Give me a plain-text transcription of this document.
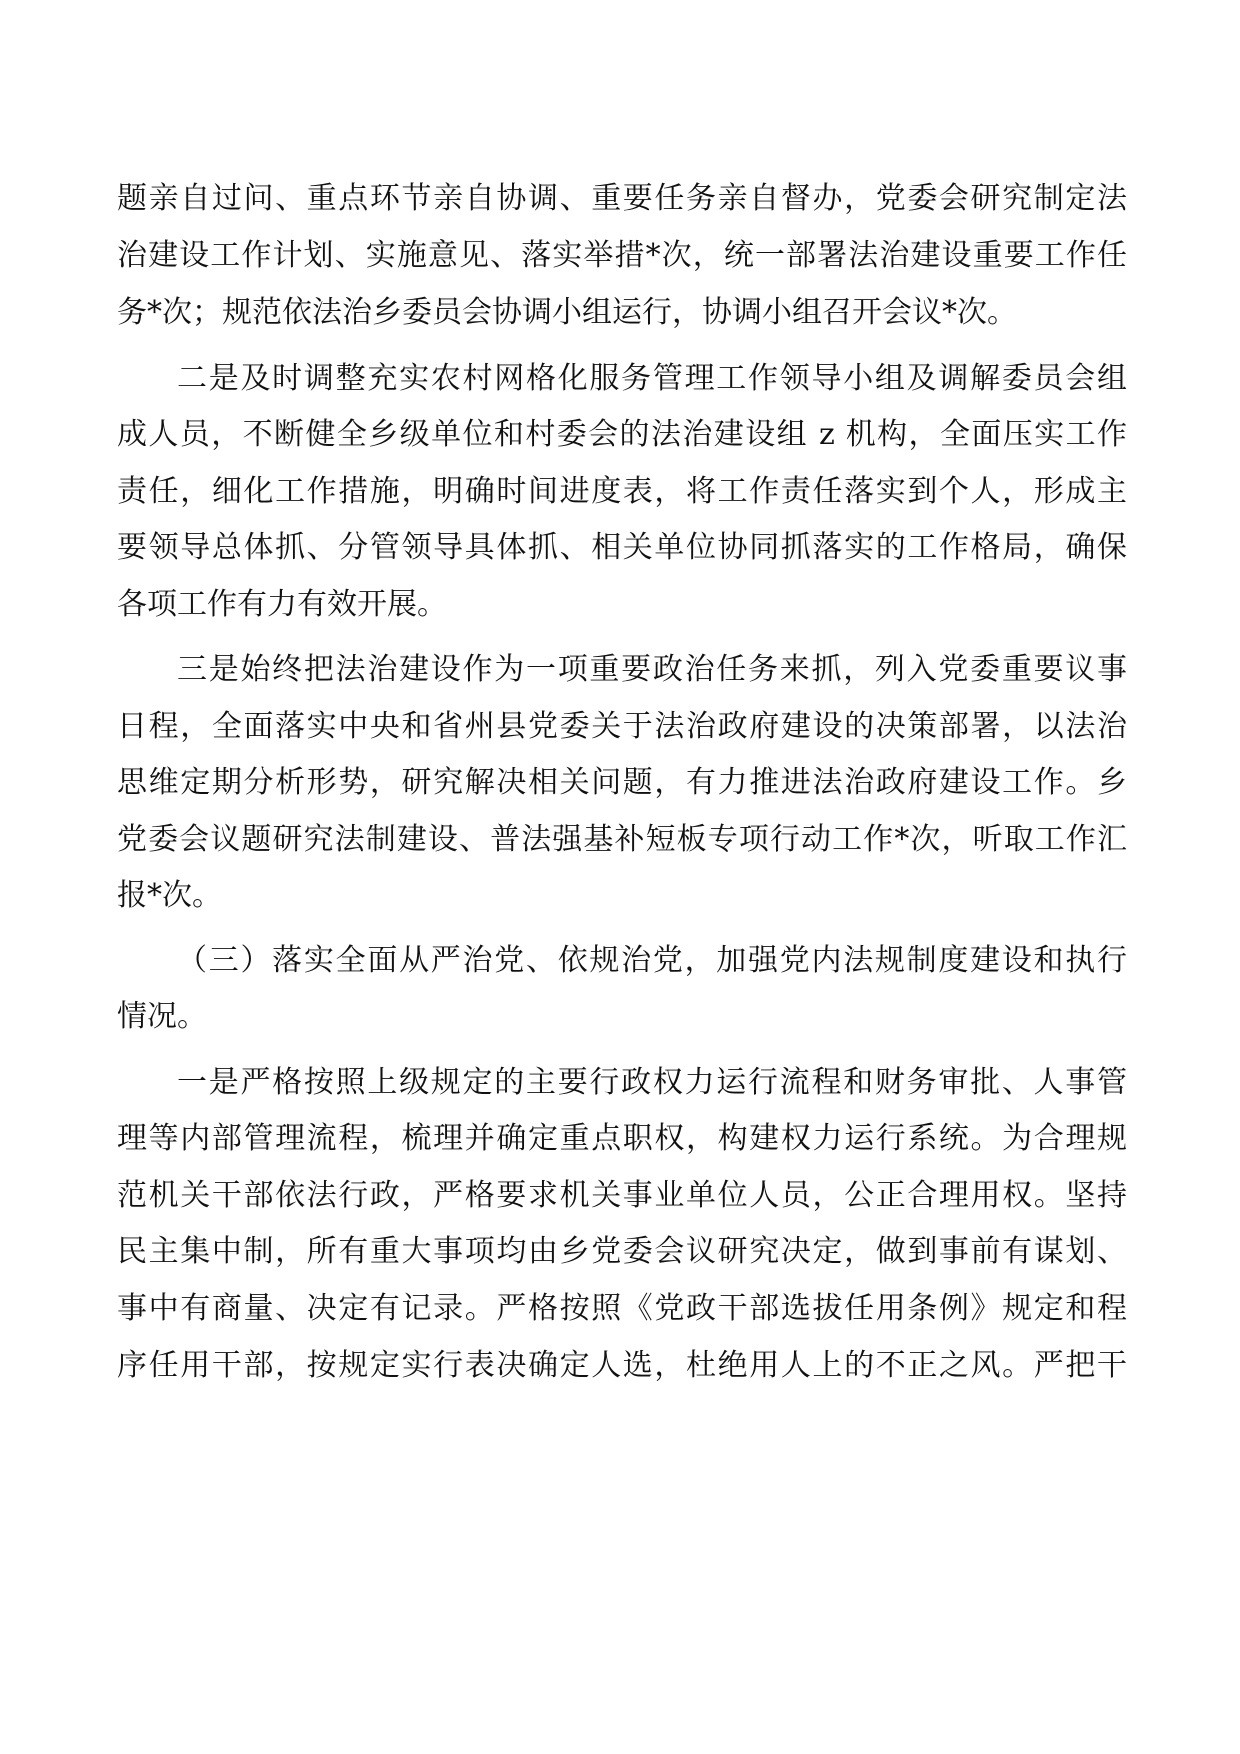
题亲自过问、重点环节亲自协调、重要任务亲自督办，党委会研究制定法
治建设工作计划、实施意见、落实举措*次，统一部署法治建设重要工作任
务*次；规范依法治乡委员会协调小组运行，协调小组召开会议*次。
二是及时调整充实农村网格化服务管理工作领导小组及调解委员会组
成人员，不断健全乡级单位和村委会的法治建设组 z 机构，全面压实工作
责任，细化工作措施，明确时间进度表，将工作责任落实到个人，形成主
要领导总体抓、分管领导具体抓、相关单位协同抓落实的工作格局，确保
各项工作有力有效开展。
三是始终把法治建设作为一项重要政治任务来抓，列入党委重要议事
日程，全面落实中央和省州县党委关于法治政府建设的决策部署，以法治
思维定期分析形势，研究解决相关问题，有力推进法治政府建设工作。乡
党委会议题研究法制建设、普法强基补短板专项行动工作*次，听取工作汇
报*次。
（三）落实全面从严治党、依规治党，加强党内法规制度建设和执行
情况。
一是严格按照上级规定的主要行政权力运行流程和财务审批、人事管
理等内部管理流程，梳理并确定重点职权，构建权力运行系统。为合理规
范机关干部依法行政，严格要求机关事业单位人员，公正合理用权。坚持
民主集中制，所有重大事项均由乡党委会议研究决定，做到事前有谋划、
事中有商量、决定有记录。严格按照《党政干部选拔任用条例》规定和程
序任用干部，按规定实行表决确定人选，杜绝用人上的不正之风。严把干
